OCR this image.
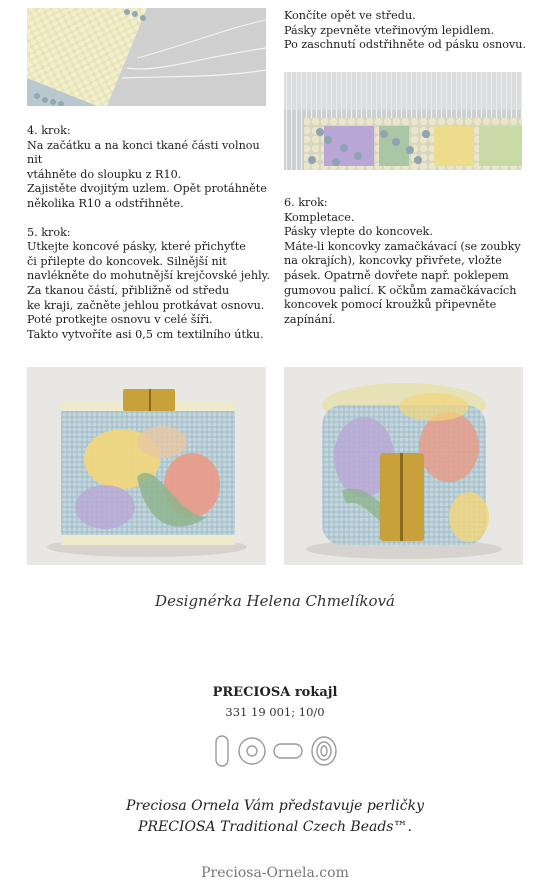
Končíte opět ve středu.

Pásky zpevněte vteřinovým lepidlem.

Po zaschnutí odstřihněte od pásku osnovu.

4. krok:

Na začátku a na konci tkané části volnou nit

vtáhněte do sloupku z R10.

Zajistěte dvojitým uzlem. Opět protáhněte

několika R10 a odstřihněte.

5. krok:

Utkejte koncové pásky, které přichyťte

či přilepte do koncovek. Silnější nit

navlékněte do mohutnější krejčovské jehly.

Za tkanou částí, přibližně od středu

ke kraji, začněte jehlou protkávat osnovu.

Poté protkejte osnovu v celé šíři.

Takto vytvoříte asi 0,5 cm textilního útku.

6. krok:

Kompletace.

Pásky vlepte do koncovek.

Máte-li koncovky zamačkávací (se zoubky

na okrajích), koncovky přivřete, vložte

pásek. Opatrně dovřete např. poklepem

gumovou palicí. K očkům zamačkávacích

koncovek pomocí kroužků připevněte

zapínání.

Designérka Helena Chmelíková
PRECIOSA rokajl
331 19 001; 10/0
Preciosa Ornela Vám představuje perličky
PRECIOSA Traditional Czech Beads™.
Preciosa-Ornela.com
